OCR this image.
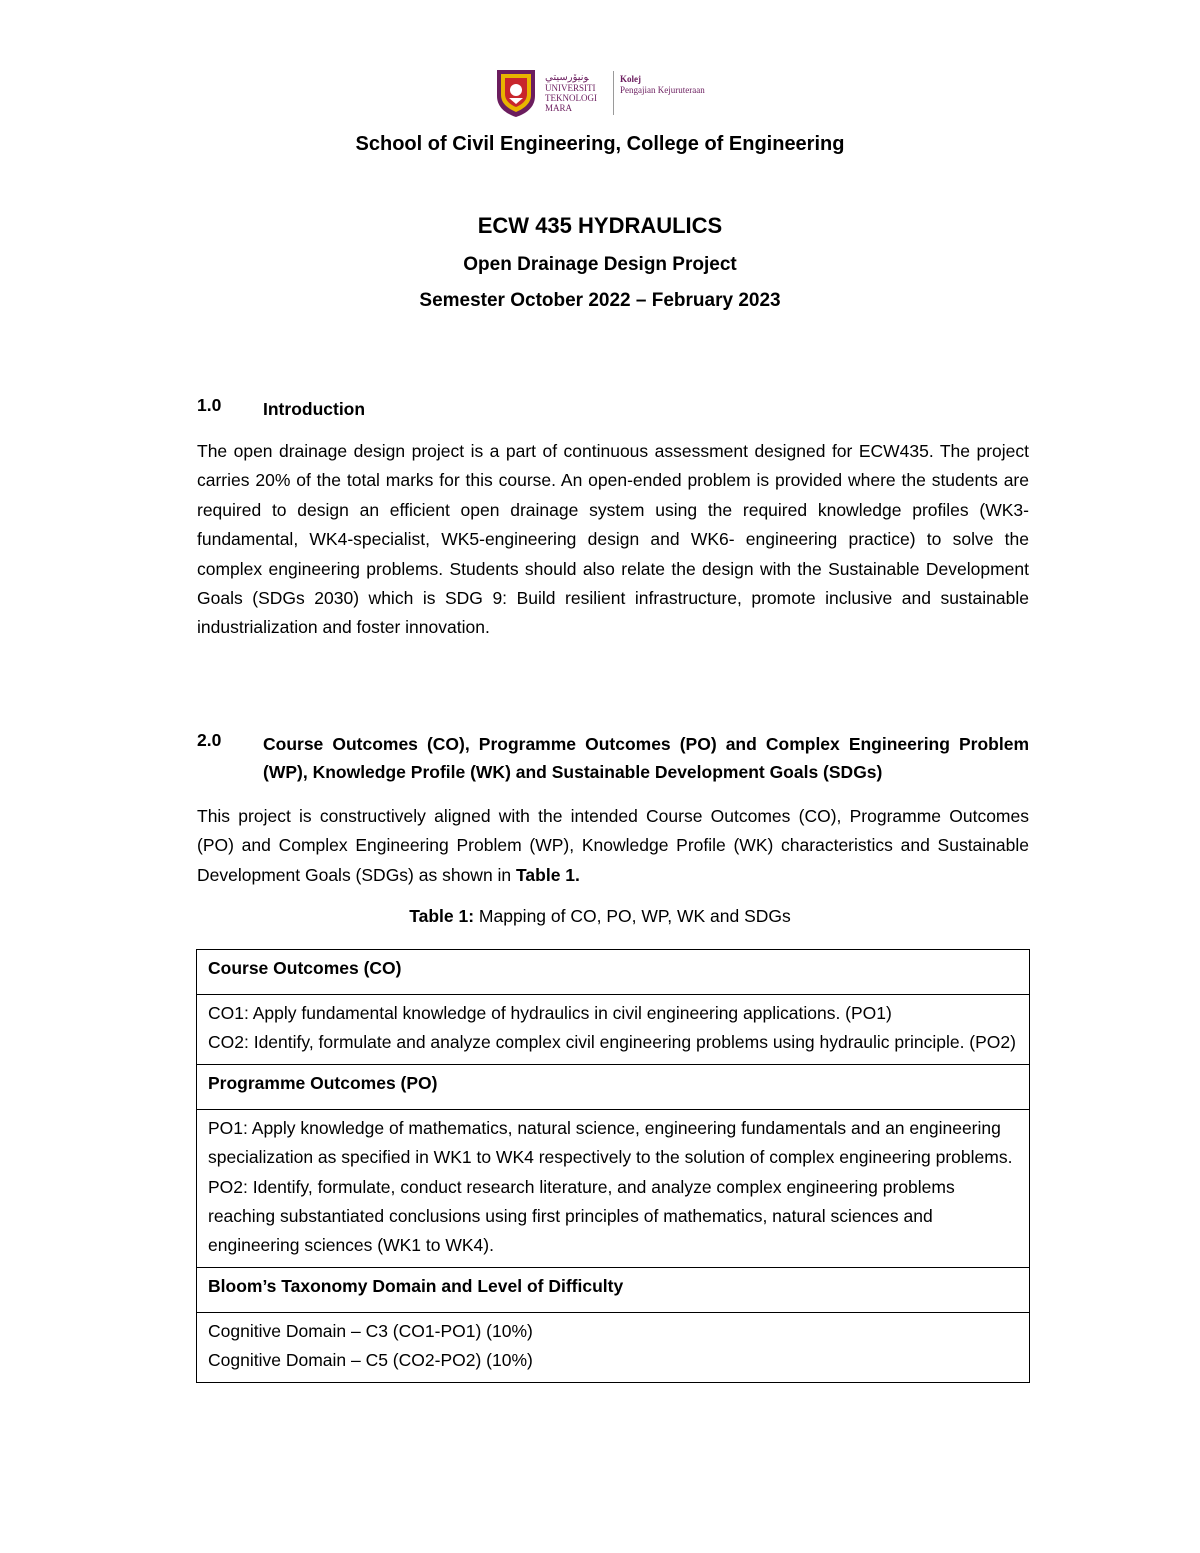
ﻮﻧﻴﯚﺭﺳﻴﺘﻲ
UNIVERSITI
TEKNOLOGI
MARA
Kolej
Pengajian Kejuruteraan
School of Civil Engineering, College of Engineering
ECW 435 HYDRAULICS
Open Drainage Design Project
Semester October 2022 – February 2023
1.0 Introduction

The open drainage design project is a part of continuous assessment designed for ECW435. The project carries 20% of the total marks for this course. An open-ended problem is provided where the students are required to design an efficient open drainage system using the required knowledge profiles (WK3-fundamental, WK4-specialist, WK5-engineering design and WK6- engineering practice) to solve the complex engineering problems. Students should also relate the design with the Sustainable Development Goals (SDGs 2030) which is SDG 9: Build resilient infrastructure, promote inclusive and sustainable industrialization and foster innovation.

2.0 Course Outcomes (CO), Programme Outcomes (PO) and Complex Engineering Problem (WP), Knowledge Profile (WK) and Sustainable Development Goals (SDGs)

This project is constructively aligned with the intended Course Outcomes (CO), Programme Outcomes (PO) and Complex Engineering Problem (WP), Knowledge Profile (WK) characteristics and Sustainable Development Goals (SDGs) as shown in Table 1.

Table 1: Mapping of CO, PO, WP, WK and SDGs
Course Outcomes (CO)

CO1: Apply fundamental knowledge of hydraulics in civil engineering applications. (PO1)
CO2: Identify, formulate and analyze complex civil engineering problems using hydraulic principle. (PO2)

Programme Outcomes (PO)

PO1: Apply knowledge of mathematics, natural science, engineering fundamentals and an engineering specialization as specified in WK1 to WK4 respectively to the solution of complex engineering problems.
PO2: Identify, formulate, conduct research literature, and analyze complex engineering problems reaching substantiated conclusions using first principles of mathematics, natural sciences and engineering sciences (WK1 to WK4).

Bloom’s Taxonomy Domain and Level of Difficulty

Cognitive Domain – C3 (CO1-PO1) (10%)
Cognitive Domain – C5 (CO2-PO2) (10%)
